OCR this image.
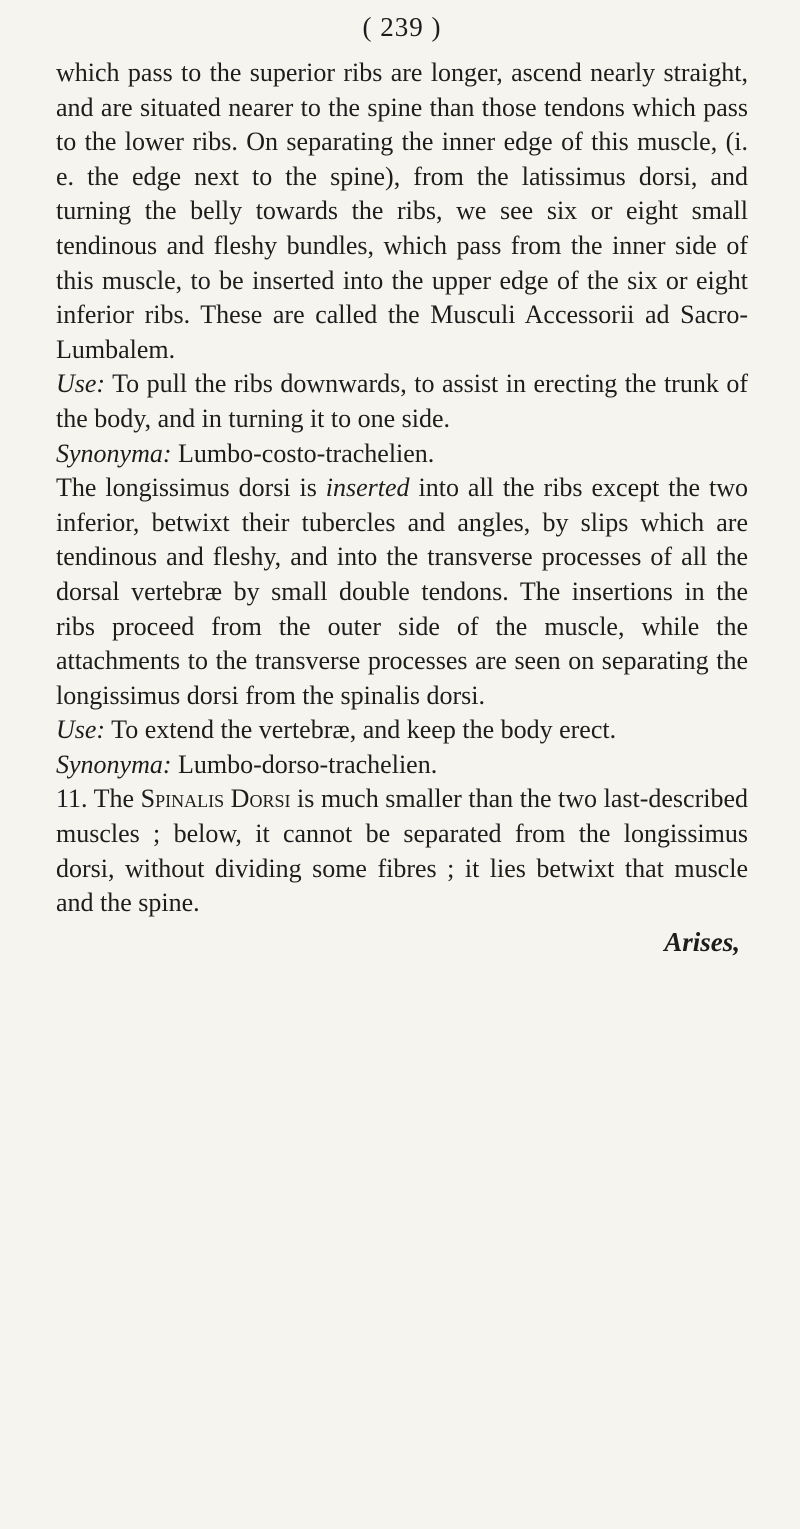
( 239 )

which pass to the superior ribs are longer, ascend nearly straight, and are situated nearer to the spine than those tendons which pass to the lower ribs. On separating the inner edge of this muscle, (i. e. the edge next to the spine), from the latissimus dorsi, and turning the belly towards the ribs, we see six or eight small tendinous and fleshy bundles, which pass from the inner side of this muscle, to be inserted into the upper edge of the six or eight inferior ribs. These are called the Musculi Accessorii ad Sacro-Lumbalem.

Use: To pull the ribs downwards, to assist in erecting the trunk of the body, and in turning it to one side.

Synonyma: Lumbo-costo-trachelien.

The longissimus dorsi is inserted into all the ribs except the two inferior, betwixt their tubercles and angles, by slips which are tendinous and fleshy, and into the transverse processes of all the dorsal vertebræ by small double tendons. The insertions in the ribs proceed from the outer side of the muscle, while the attachments to the transverse processes are seen on separating the longissimus dorsi from the spinalis dorsi.

Use: To extend the vertebræ, and keep the body erect.

Synonyma: Lumbo-dorso-trachelien.

11. The Spinalis Dorsi is much smaller than the two last-described muscles ; below, it cannot be separated from the longissimus dorsi, without dividing some fibres ; it lies betwixt that muscle and the spine.

Arises,
